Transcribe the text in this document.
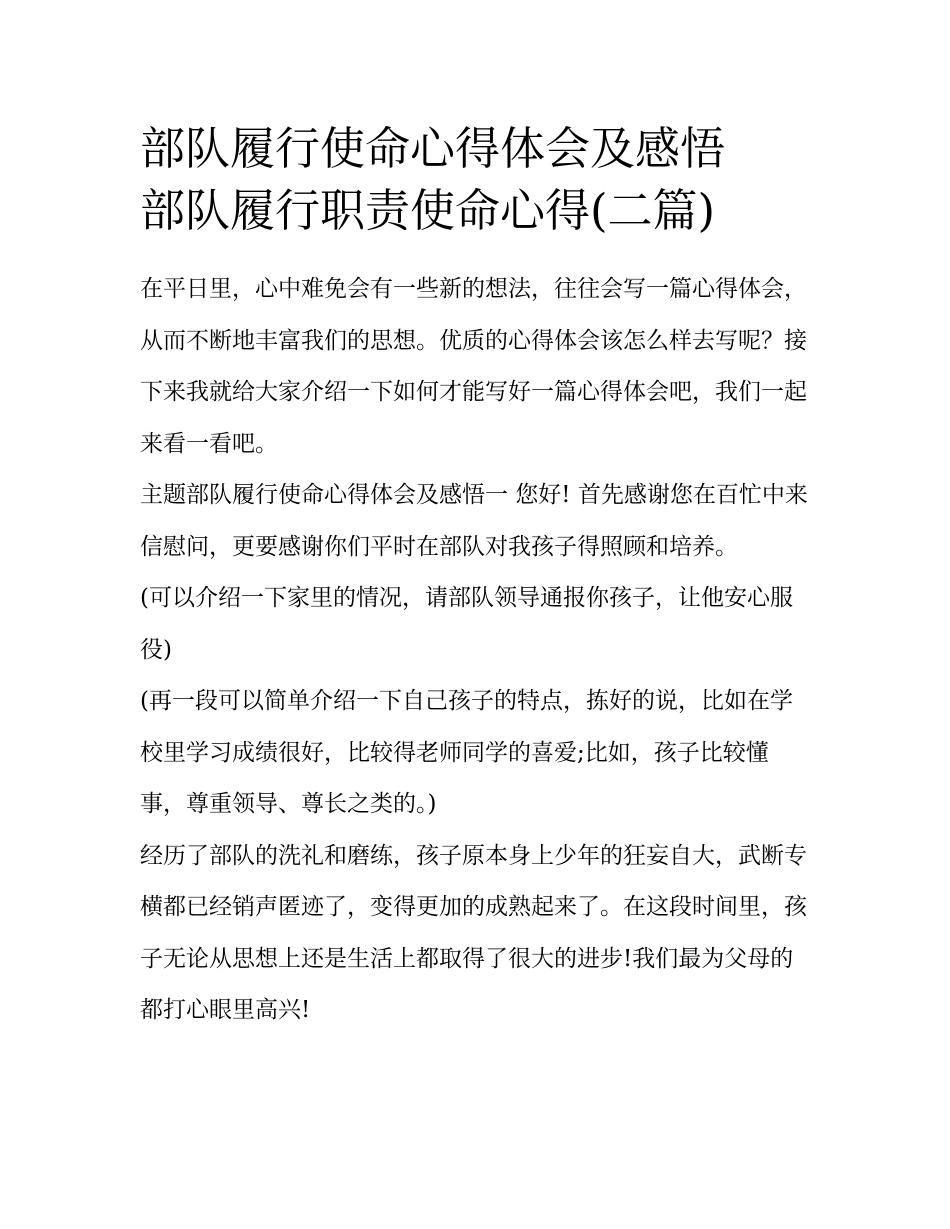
部队履行使命心得体会及感悟
部队履行职责使命心得(二篇)

在平日里，心中难免会有一些新的想法，往往会写一篇心得体会，从而不断地丰富我们的思想。优质的心得体会该怎么样去写呢？接下来我就给大家介绍一下如何才能写好一篇心得体会吧，我们一起来看一看吧。

主题部队履行使命心得体会及感悟一 您好! 首先感谢您在百忙中来信慰问，更要感谢你们平时在部队对我孩子得照顾和培养。

(可以介绍一下家里的情况，请部队领导通报你孩子，让他安心服役)

(再一段可以简单介绍一下自己孩子的特点，拣好的说，比如在学校里学习成绩很好，比较得老师同学的喜爱;比如，孩子比较懂事，尊重领导、尊长之类的。)

经历了部队的洗礼和磨练，孩子原本身上少年的狂妄自大，武断专横都已经销声匿迹了，变得更加的成熟起来了。在这段时间里，孩子无论从思想上还是生活上都取得了很大的进步!我们最为父母的都打心眼里高兴!
